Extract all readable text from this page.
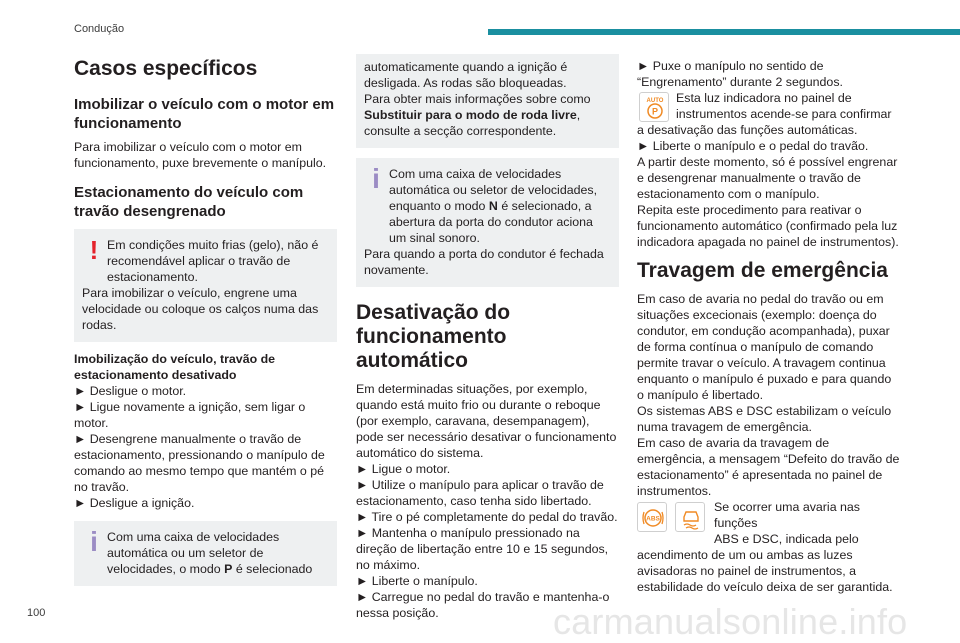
Condução
Casos específicos
Imobilizar o veículo com o motor em funcionamento

Para imobilizar o veículo com o motor em funcionamento, puxe brevemente o manípulo.

Estacionamento do veículo com travão desengrenado
! Em condições muito frias (gelo), não é

recomendável aplicar o travão de estacionamento.

Para imobilizar o veículo, engrene uma velocidade ou coloque os calços numa das rodas.

Imobilização do veículo, travão de estacionamento desativado

► Desligue o motor.

► Ligue novamente a ignição, sem ligar o motor.

► Desengrene manualmente o travão de estacionamento, pressionando o manípulo de comando ao mesmo tempo que mantém o pé no travão.

► Desligue a ignição.

i Com uma caixa de velocidades

automática ou um seletor de velocidades, o modo P é selecionado

automaticamente quando a ignição é desligada. As rodas são bloqueadas.

Para obter mais informações sobre como

Substituir para o modo de roda livre, consulte a secção correspondente.

i Com uma caixa de velocidades

automática ou seletor de velocidades, enquanto o modo N é selecionado, a abertura da porta do condutor aciona um sinal sonoro.

Para quando a porta do condutor é fechada novamente.

Desativação do funcionamento automático

Em determinadas situações, por exemplo, quando está muito frio ou durante o reboque (por exemplo, caravana, desempanagem), pode ser necessário desativar o funcionamento automático do sistema.

► Ligue o motor.

► Utilize o manípulo para aplicar o travão de estacionamento, caso tenha sido libertado.

► Tire o pé completamente do pedal do travão.

► Mantenha o manípulo pressionado na direção de libertação entre 10 e 15 segundos, no máximo.

► Liberte o manípulo.

► Carregue no pedal do travão e mantenha-o nessa posição.

► Puxe o manípulo no sentido de “Engrenamento” durante 2 segundos.

AUTO
P

Esta luz indicadora no painel de

instrumentos acende-se para confirmar a desativação das funções automáticas.

► Liberte o manípulo e o pedal do travão.

A partir deste momento, só é possível engrenar e desengrenar manualmente o travão de estacionamento com o manípulo.

Repita este procedimento para reativar o funcionamento automático (confirmado pela luz indicadora apagada no painel de instrumentos).

Travagem de emergência

Em caso de avaria no pedal do travão ou em situações excecionais (exemplo: doença do condutor, em condução acompanhada), puxar de forma contínua o manípulo de comando permite travar o veículo. A travagem continua enquanto o manípulo é puxado e para quando o manípulo é libertado.

Os sistemas ABS e DSC estabilizam o veículo numa travagem de emergência.

Em caso de avaria da travagem de emergência, a mensagem “Defeito do travão de estacionamento” é apresentada no painel de instrumentos.

ABS

Se ocorrer uma avaria nas funções

ABS e DSC, indicada pelo

acendimento de um ou ambas as luzes avisadoras no painel de instrumentos, a estabilidade do veículo deixa de ser garantida.

100	carmanualsonline.info
